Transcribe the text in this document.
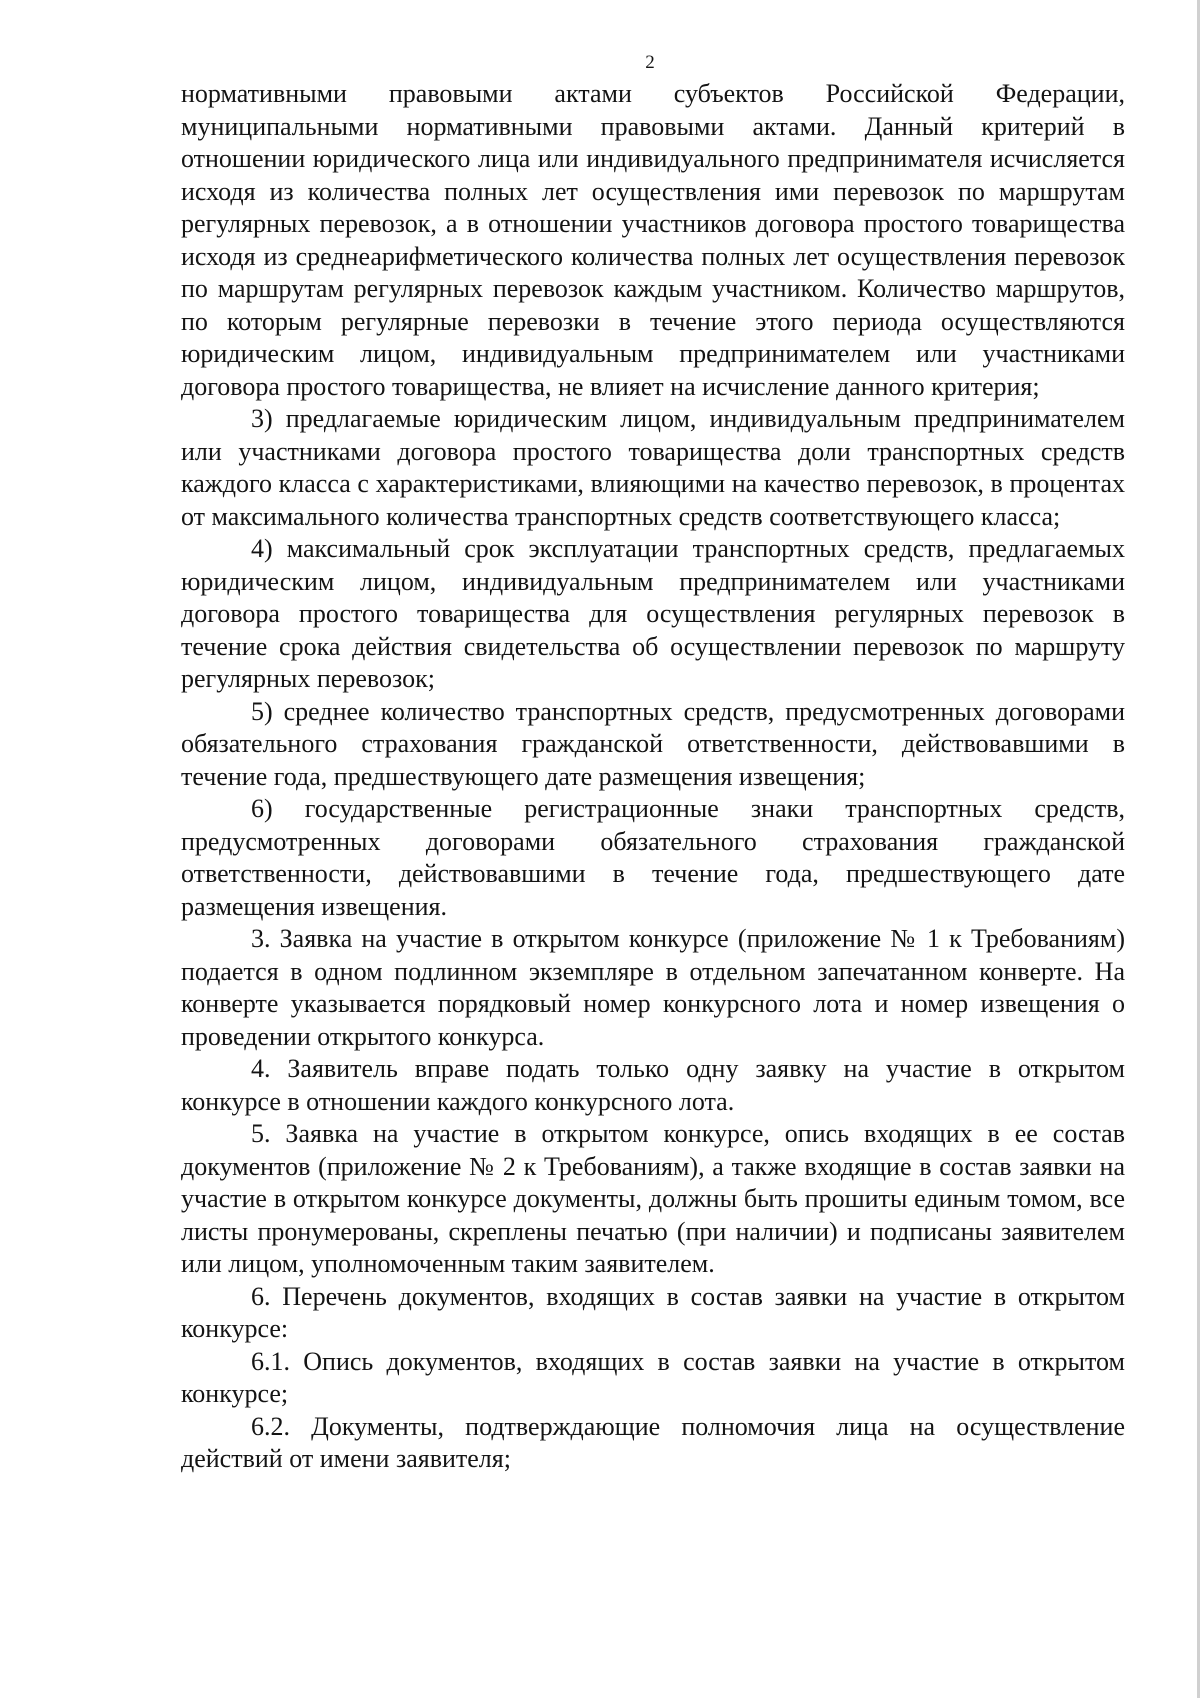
2

нормативными правовыми актами субъектов Российской Федерации, муниципальными нормативными правовыми актами. Данный критерий в отношении юридического лица или индивидуального предпринимателя исчисляется исходя из количества полных лет осуществления ими перевозок по маршрутам регулярных перевозок, а в отношении участников договора простого товарищества исходя из среднеарифметического количества полных лет осуществления перевозок по маршрутам регулярных перевозок каждым участником. Количество маршрутов, по которым регулярные перевозки в течение этого периода осуществляются юридическим лицом, индивидуальным предпринимателем или участниками договора простого товарищества, не влияет на исчисление данного критерия;

3) предлагаемые юридическим лицом, индивидуальным предпринимателем или участниками договора простого товарищества доли транспортных средств каждого класса с характеристиками, влияющими на качество перевозок, в процентах от максимального количества транспортных средств соответствующего класса;

4) максимальный срок эксплуатации транспортных средств, предлагаемых юридическим лицом, индивидуальным предпринимателем или участниками договора простого товарищества для осуществления регулярных перевозок в течение срока действия свидетельства об осуществлении перевозок по маршруту регулярных перевозок;

5) среднее количество транспортных средств, предусмотренных договорами обязательного страхования гражданской ответственности, действовавшими в течение года, предшествующего дате размещения извещения;

6) государственные регистрационные знаки транспортных средств, предусмотренных договорами обязательного страхования гражданской ответственности, действовавшими в течение года, предшествующего дате размещения извещения.

3. Заявка на участие в открытом конкурсе (приложение № 1 к Требованиям) подается в одном подлинном экземпляре в отдельном запечатанном конверте. На конверте указывается порядковый номер конкурсного лота и номер извещения о проведении открытого конкурса.

4. Заявитель вправе подать только одну заявку на участие в открытом конкурсе в отношении каждого конкурсного лота.

5. Заявка на участие в открытом конкурсе, опись входящих в ее состав документов (приложение № 2 к Требованиям), а также входящие в состав заявки на участие в открытом конкурсе документы, должны быть прошиты единым томом, все листы пронумерованы, скреплены печатью (при наличии) и подписаны заявителем или лицом, уполномоченным таким заявителем.

6. Перечень документов, входящих в состав заявки на участие в открытом конкурсе:

6.1. Опись документов, входящих в состав заявки на участие в открытом конкурсе;

6.2. Документы, подтверждающие полномочия лица на осуществление действий от имени заявителя;
